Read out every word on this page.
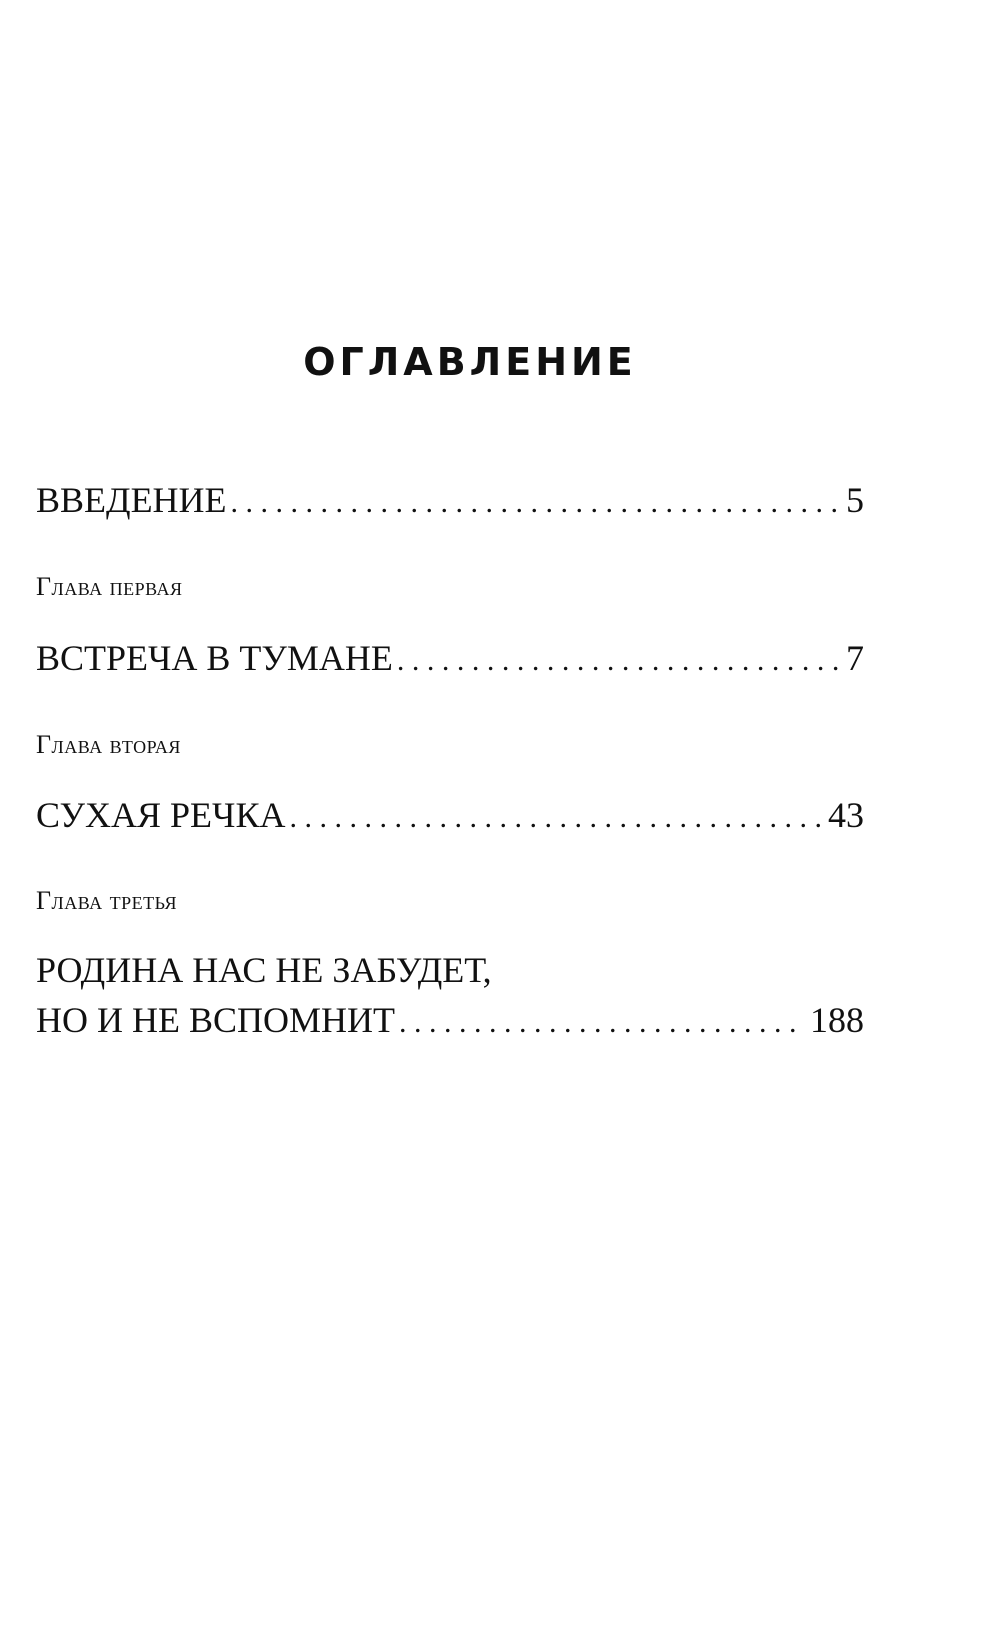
ОГЛАВЛЕНИЕ
ВВЕДЕНИЕ . . .	5
Глава первая
ВСТРЕЧА В ТУМАНЕ . . .	7
Глава вторая
СУХАЯ РЕЧКА . . .	43
Глава третья
РОДИНА НАС НЕ ЗАБУДЕТ,
НО И НЕ ВСПОМНИТ . . .	188
